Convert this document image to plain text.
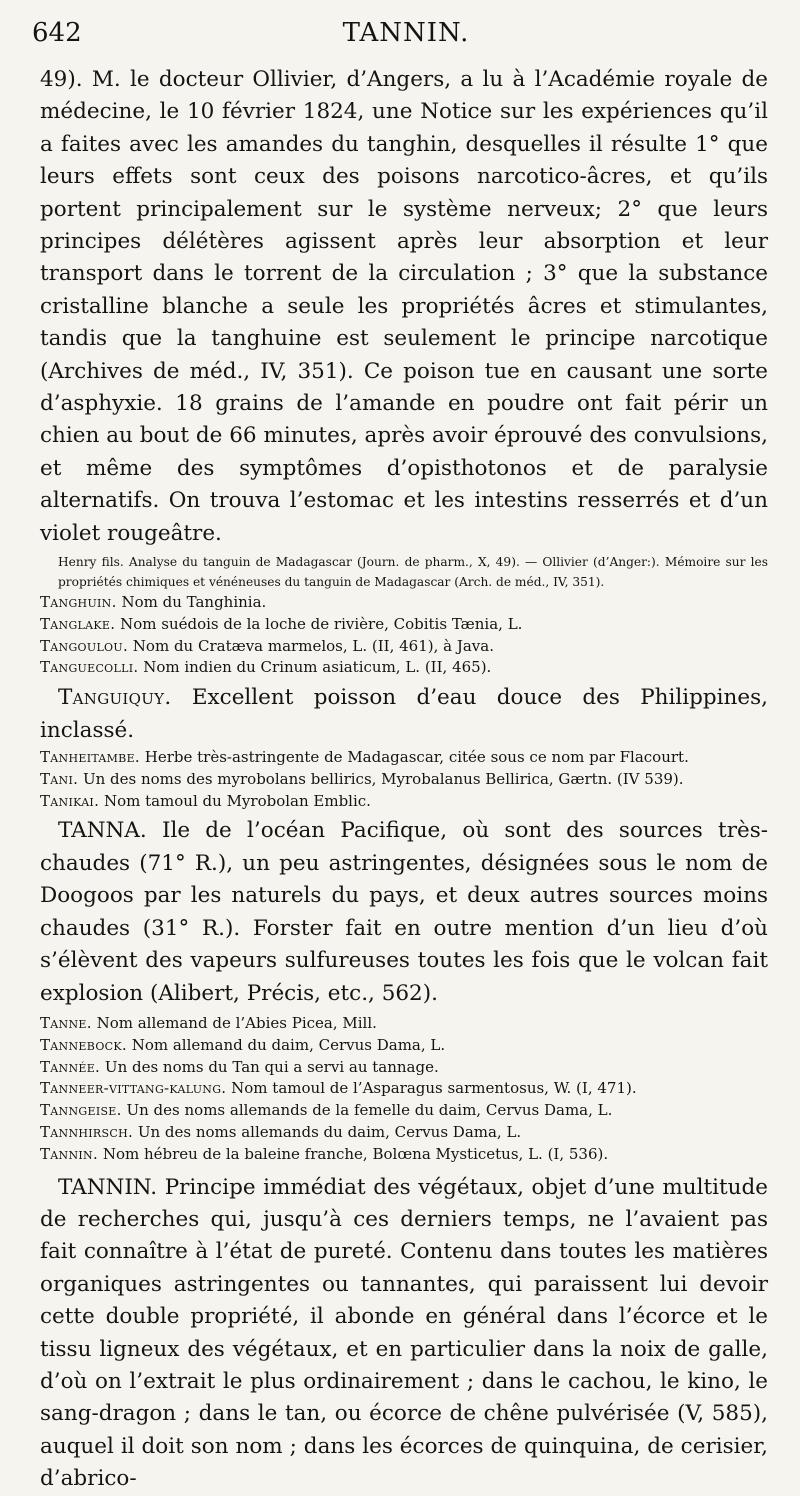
642	TANNIN.

49). M. le docteur Ollivier, d’Angers, a lu à l’Académie royale de médecine, le 10 février 1824, une Notice sur les expériences qu’il a faites avec les amandes du tanghin, desquelles il résulte 1° que leurs effets sont ceux des poisons narcotico-âcres, et qu’ils portent principalement sur le système nerveux; 2° que leurs principes délétères agissent après leur absorption et leur transport dans le torrent de la circulation ; 3° que la substance cristalline blanche a seule les propriétés âcres et stimulantes, tandis que la tanghuine est seulement le principe narcotique (Archives de méd., IV, 351). Ce poison tue en causant une sorte d’asphyxie. 18 grains de l’amande en poudre ont fait périr un chien au bout de 66 minutes, après avoir éprouvé des convulsions, et même des symptômes d’opisthotonos et de paralysie alternatifs. On trouva l’estomac et les intestins resserrés et d’un violet rougeâtre.

Henry fils. Analyse du tanguin de Madagascar (Journ. de pharm., X, 49). — Ollivier (d’Anger:). Mémoire sur les propriétés chimiques et vénéneuses du tanguin de Madagascar (Arch. de méd., IV, 351).

Tanghuin. Nom du Tanghinia.

Tanglake. Nom suédois de la loche de rivière, Cobitis Tænia, L.

Tangoulou. Nom du Cratæva marmelos, L. (II, 461), à Java.

Tanguecolli. Nom indien du Crinum asiaticum, L. (II, 465).

Tanguiquy. Excellent poisson d’eau douce des Philippines, inclassé.

Tanheitambe. Herbe très-astringente de Madagascar, citée sous ce nom par Flacourt.

Tani. Un des noms des myrobolans bellirics, Myrobalanus Bellirica, Gærtn. (IV 539).

Tanikai. Nom tamoul du Myrobolan Emblic.

TANNA. Ile de l’océan Pacifique, où sont des sources très-chaudes (71° R.), un peu astringentes, désignées sous le nom de Doogoos par les naturels du pays, et deux autres sources moins chaudes (31° R.). Forster fait en outre mention d’un lieu d’où s’élèvent des vapeurs sulfureuses toutes les fois que le volcan fait explosion (Alibert, Précis, etc., 562).

Tanne. Nom allemand de l’Abies Picea, Mill.

Tannebock. Nom allemand du daim, Cervus Dama, L.

Tannée. Un des noms du Tan qui a servi au tannage.

Tanneer-vittang-kalung. Nom tamoul de l’Asparagus sarmentosus, W. (I, 471).

Tanngeise. Un des noms allemands de la femelle du daim, Cervus Dama, L.

Tannhirsch. Un des noms allemands du daim, Cervus Dama, L.

Tannin. Nom hébreu de la baleine franche, Bolœna Mysticetus, L. (I, 536).

TANNIN. Principe immédiat des végétaux, objet d’une multitude de recherches qui, jusqu’à ces derniers temps, ne l’avaient pas fait connaître à l’état de pureté. Contenu dans toutes les matières organiques astringentes ou tannantes, qui paraissent lui devoir cette double propriété, il abonde en général dans l’écorce et le tissu ligneux des végétaux, et en particulier dans la noix de galle, d’où on l’extrait le plus ordinairement ; dans le cachou, le kino, le sang-dragon ; dans le tan, ou écorce de chêne pulvérisée (V, 585), auquel il doit son nom ; dans les écorces de quinquina, de cerisier, d’abrico-
